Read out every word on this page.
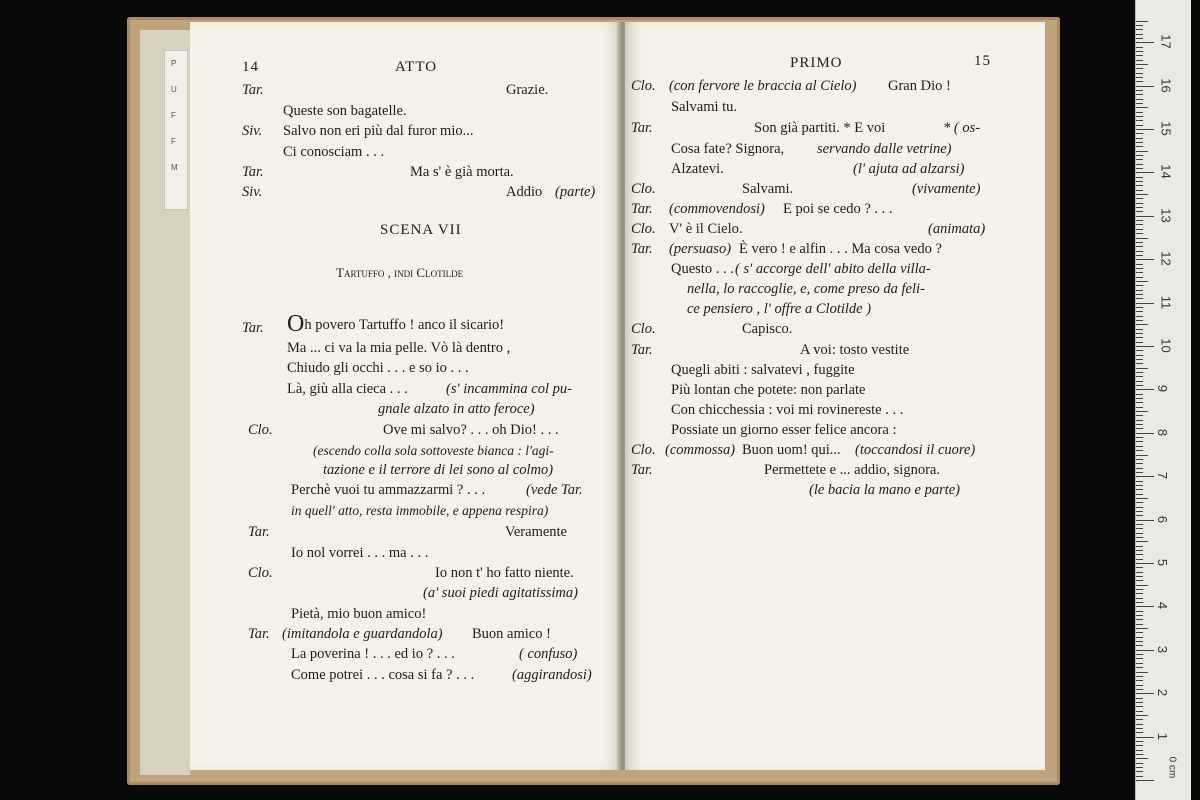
P
U
F
F
M
14	ATTO
Tar.	Grazie.
Queste son bagatelle.
Siv. Salvo non eri più dal furor mio...
Ci conosciam . . .
Tar.	Ma s' è già morta.
Siv.	Addio (parte)
SCENA VII
Tartuffo , indi Clotilde
Tar. Oh povero Tartuffo ! anco il sicario!
Ma ... ci va la mia pelle. Vò là dentro ,
Chiudo gli occhi . . . e so io . . .
Là, giù alla cieca . . .	(s' incammina col pu-
gnale alzato in atto feroce)
Clo.	Ove mi salvo? . . . oh Dio! . . .
(escendo colla sola sottoveste bianca : l'agi-
tazione e il terrore di lei sono al colmo)
Perchè vuoi tu ammazzarmi ? . . .	(vede Tar.
in quell' atto, resta immobile, e appena respira)
Tar.	Veramente
Io nol vorrei . . . ma . . .
Clo.	Io non t' ho fatto niente.
(a' suoi piedi agitatissima)
Pietà, mio buon amico!
Tar. (imitandola e guardandola) Buon amico !
La poverina ! . . . ed io ? . . .	( confuso)
Come potrei . . . cosa si fa ? . . .	(aggirandosi)
PRIMO	15
Clo. (con fervore le braccia al Cielo) Gran Dio !
Salvami tu.
Tar.	Son già partiti. * E voi	* ( os-
Cosa fate? Signora, servando dalle vetrine)
Alzatevi.	(l' ajuta ad alzarsi)
Clo.	Salvami.	(vivamente)
Tar. (commovendosi) E poi se cedo ? . . .
Clo. V' è il Cielo.	(animata)
Tar. (persuaso) È vero ! e alfin . . . Ma cosa vedo ?
Questo . . . ( s' accorge dell' abito della villa-
nella, lo raccoglie, e, come preso da feli-
ce pensiero , l' offre a Clotilde )
Clo.	Capisco.
Tar.	A voi: tosto vestite
Quegli abiti : salvatevi , fuggite
Più lontan che potete: non parlate
Con chicchessia : voi mi rovinereste . . .
Possiate un giorno esser felice ancora :
Clo. (commossa) Buon uom! qui... (toccandosi il cuore)
Tar.	Permettete e ... addio, signora.
(le bacia la mano e parte)
0 cm
17
16
15
14
13
12
11
10
9
8
7
6
5
4
3
2
1
